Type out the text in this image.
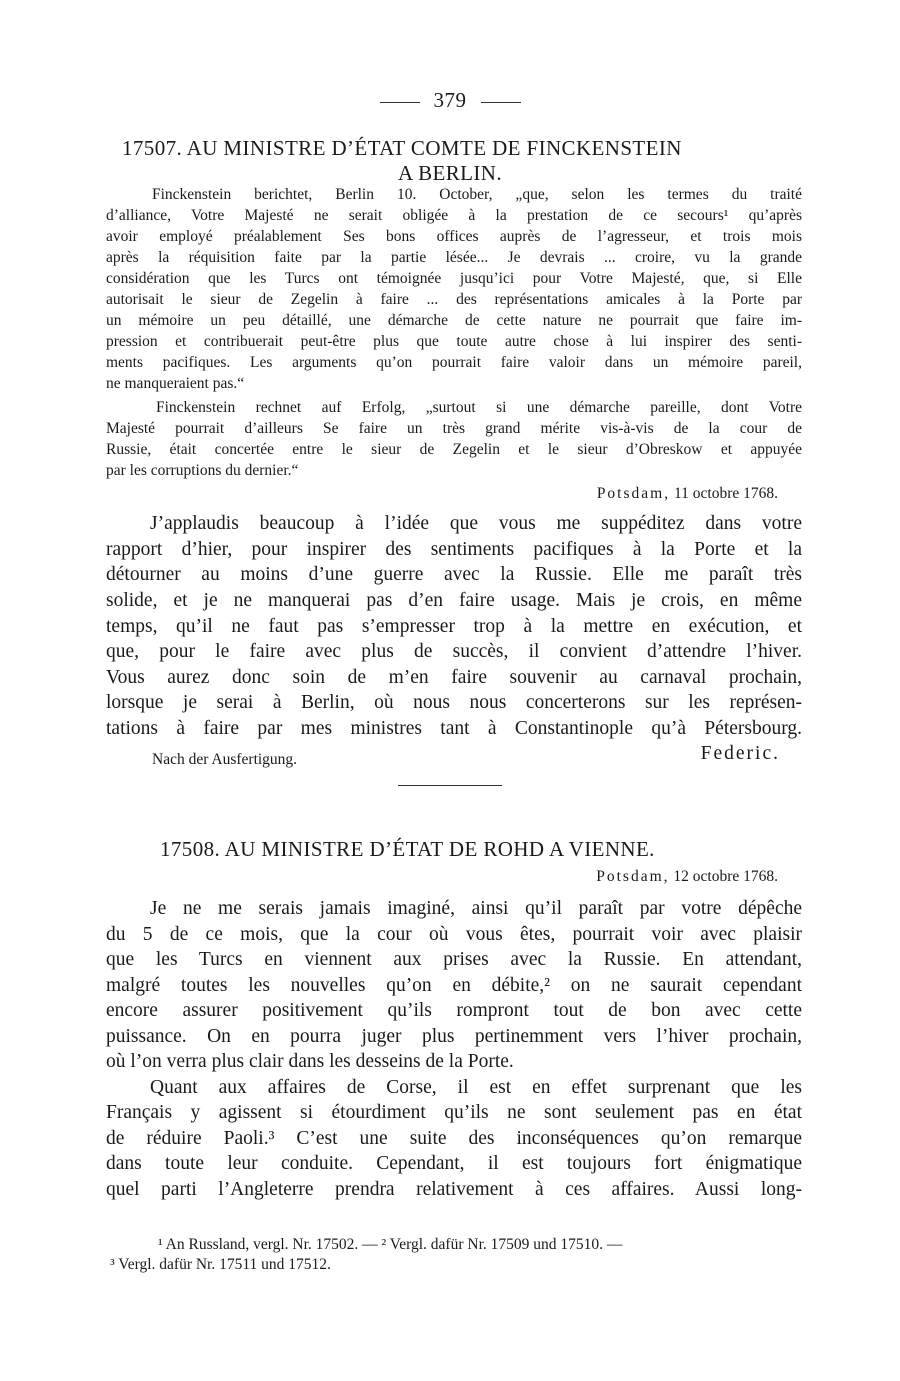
379
17507. AU MINISTRE D’ÉTAT COMTE DE FINCKENSTEIN
A BERLIN.
Finckenstein berichtet, Berlin 10. October, „que, selon les termes du traité
d’alliance, Votre Majesté ne serait obligée à la prestation de ce secours¹ qu’après
avoir employé préalablement Ses bons offices auprès de l’agresseur, et trois mois
après la réquisition faite par la partie lésée... Je devrais ... croire, vu la grande
considération que les Turcs ont témoignée jusqu’ici pour Votre Majesté, que, si Elle
autorisait le sieur de Zegelin à faire ... des représentations amicales à la Porte par
un mémoire un peu détaillé, une démarche de cette nature ne pourrait que faire im-
pression et contribuerait peut-être plus que toute autre chose à lui inspirer des senti-
ments pacifiques. Les arguments qu’on pourrait faire valoir dans un mémoire pareil,
ne manqueraient pas.“
Finckenstein rechnet auf Erfolg, „surtout si une démarche pareille, dont Votre
Majesté pourrait d’ailleurs Se faire un très grand mérite vis-à-vis de la cour de
Russie, était concertée entre le sieur de Zegelin et le sieur d’Obreskow et appuyée
par les corruptions du dernier.“
Potsdam, 11 octobre 1768.
J’applaudis beaucoup à l’idée que vous me suppéditez dans votre
rapport d’hier, pour inspirer des sentiments pacifiques à la Porte et la
détourner au moins d’une guerre avec la Russie. Elle me paraît très
solide, et je ne manquerai pas d’en faire usage. Mais je crois, en même
temps, qu’il ne faut pas s’empresser trop à la mettre en exécution, et
que, pour le faire avec plus de succès, il convient d’attendre l’hiver.
Vous aurez donc soin de m’en faire souvenir au carnaval prochain,
lorsque je serai à Berlin, où nous nous concerterons sur les représen-
tations à faire par mes ministres tant à Constantinople qu’à Pétersbourg.
Nach der Ausfertigung.	Federic.
17508. AU MINISTRE D’ÉTAT DE ROHD A VIENNE.
Potsdam, 12 octobre 1768.
Je ne me serais jamais imaginé, ainsi qu’il paraît par votre dépêche
du 5 de ce mois, que la cour où vous êtes, pourrait voir avec plaisir
que les Turcs en viennent aux prises avec la Russie. En attendant,
malgré toutes les nouvelles qu’on en débite,² on ne saurait cependant
encore assurer positivement qu’ils rompront tout de bon avec cette
puissance. On en pourra juger plus pertinemment vers l’hiver prochain,
où l’on verra plus clair dans les desseins de la Porte.
Quant aux affaires de Corse, il est en effet surprenant que les
Français y agissent si étourdiment qu’ils ne sont seulement pas en état
de réduire Paoli.³ C’est une suite des inconséquences qu’on remarque
dans toute leur conduite. Cependant, il est toujours fort énigmatique
quel parti l’Angleterre prendra relativement à ces affaires. Aussi long-
¹ An Russland, vergl. Nr. 17502. — ² Vergl. dafür Nr. 17509 und 17510. —
³ Vergl. dafür Nr. 17511 und 17512.
